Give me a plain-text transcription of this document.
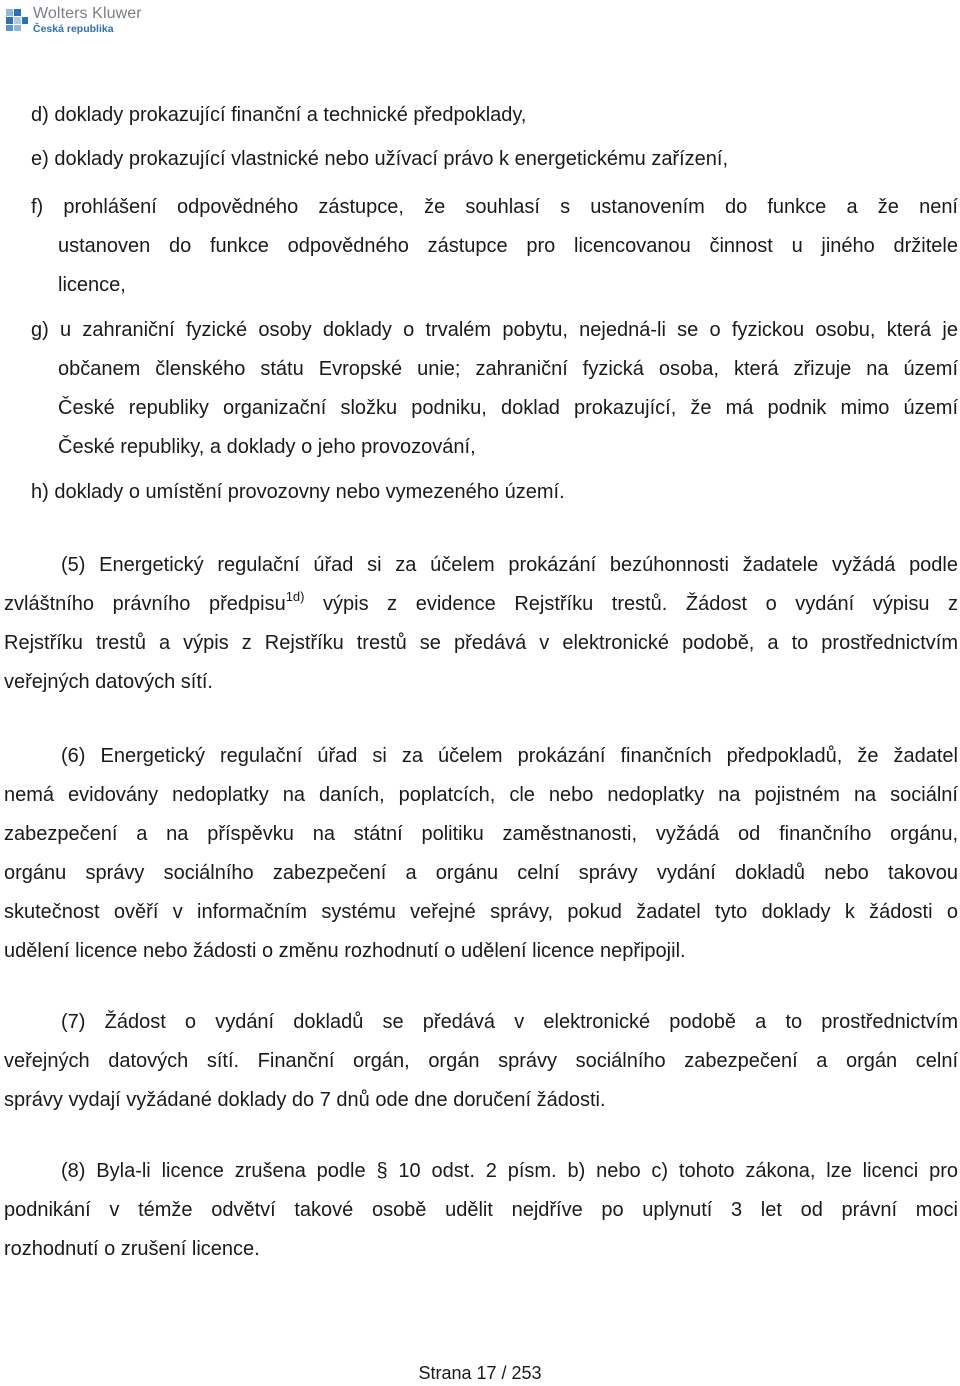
Wolters Kluwer
Česká republika
d) doklady prokazující finanční a technické předpoklady,
e) doklady prokazující vlastnické nebo užívací právo k energetickému zařízení,
f) prohlášení odpovědného zástupce, že souhlasí s ustanovením do funkce a že není
ustanoven do funkce odpovědného zástupce pro licencovanou činnost u jiného držitele
licence,
g) u zahraniční fyzické osoby doklady o trvalém pobytu, nejedná-li se o fyzickou osobu, která je
občanem členského státu Evropské unie; zahraniční fyzická osoba, která zřizuje na území
České republiky organizační složku podniku, doklad prokazující, že má podnik mimo území
České republiky, a doklady o jeho provozování,
h) doklady o umístění provozovny nebo vymezeného území.
(5) Energetický regulační úřad si za účelem prokázání bezúhonnosti žadatele vyžádá podle
zvláštního právního předpisu$^{1d)}$ výpis z evidence Rejstříku trestů. Žádost o vydání výpisu z
Rejstříku trestů a výpis z Rejstříku trestů se předává v elektronické podobě, a to prostřednictvím
veřejných datových sítí.
(6) Energetický regulační úřad si za účelem prokázání finančních předpokladů, že žadatel
nemá evidovány nedoplatky na daních, poplatcích, cle nebo nedoplatky na pojistném na sociální
zabezpečení a na příspěvku na státní politiku zaměstnanosti, vyžádá od finančního orgánu,
orgánu správy sociálního zabezpečení a orgánu celní správy vydání dokladů nebo takovou
skutečnost ověří v informačním systému veřejné správy, pokud žadatel tyto doklady k žádosti o
udělení licence nebo žádosti o změnu rozhodnutí o udělení licence nepřipojil.
(7) Žádost o vydání dokladů se předává v elektronické podobě a to prostřednictvím
veřejných datových sítí. Finanční orgán, orgán správy sociálního zabezpečení a orgán celní
správy vydají vyžádané doklady do 7 dnů ode dne doručení žádosti.
(8) Byla-li licence zrušena podle § 10 odst. 2 písm. b) nebo c) tohoto zákona, lze licenci pro
podnikání v témže odvětví takové osobě udělit nejdříve po uplynutí 3 let od právní moci
rozhodnutí o zrušení licence.
Strana 17 / 253
